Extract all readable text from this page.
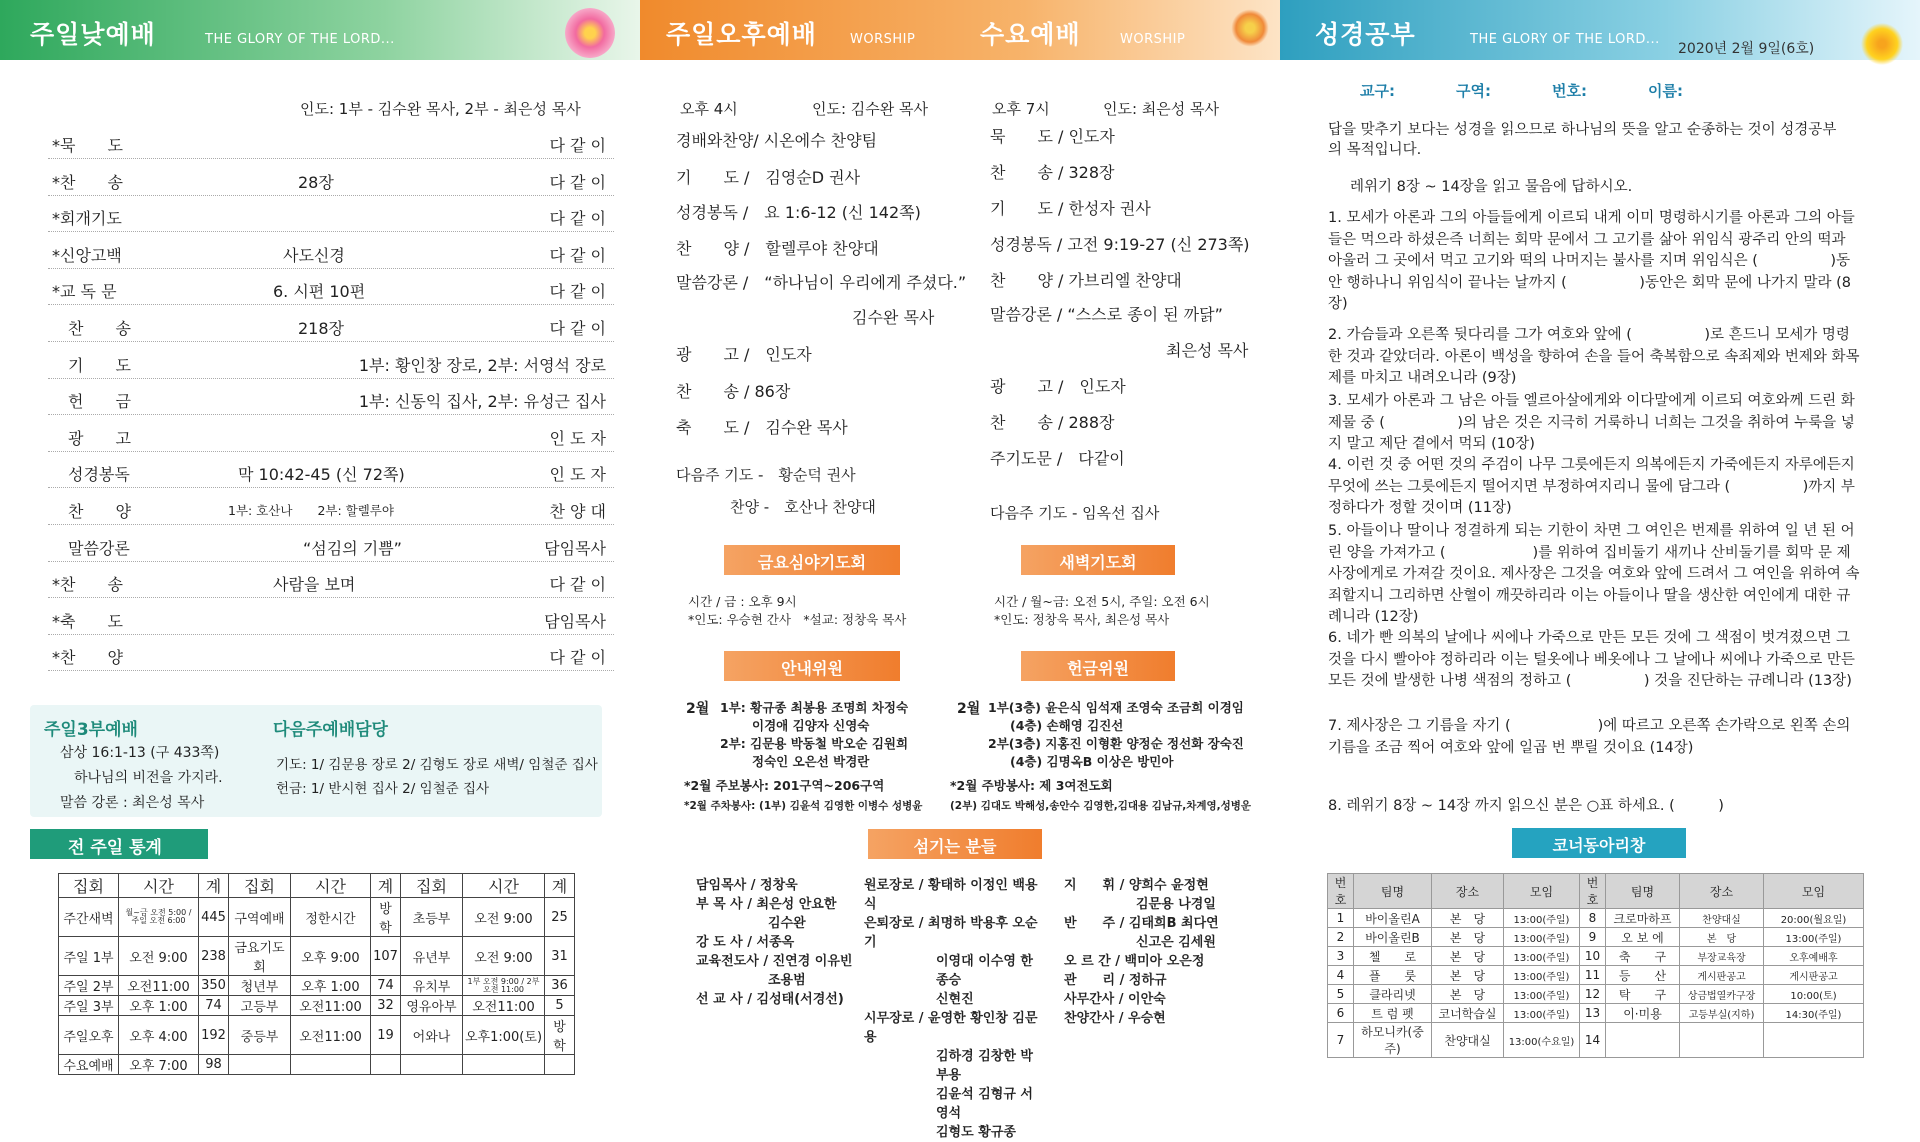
주일낮예배	THE GLORY OF THE LORD...	주일오후예배	WORSHIP	수요예배	WORSHIP	성경공부	THE GLORY OF THE LORD...
2020년 2월 9일(6호)
인도: 1부 - 김수완 목사, 2부 - 최은성 목사
*묵　　도	다 같 이
*찬　　송	28장	다 같 이
*회개기도	다 같 이
*신앙고백	사도신경	다 같 이
*교 독 문	6. 시편 10편	다 같 이
　찬　　송	218장	다 같 이
　기　　도	1부: 황인창 장로, 2부: 서영석 장로
　헌　　금	1부: 신동익 집사, 2부: 유성근 집사
　광　　고	인 도 자
　성경봉독	막 10:42-45 (신 72쪽)	인 도 자
　찬　　양	1부: 호산나　　2부: 할렐루야	찬 양 대
　말씀강론	“섬김의 기쁨”	담임목사
*찬　　송	사람을 보며	다 같 이
*축　　도	담임목사
*찬　　양	다 같 이
주일3부예배
삼상 16:1-13 (구 433쪽)
하나님의 비전을 가지라.
말씀 강론 : 최은성 목사
다음주예배담당
기도: 1/ 김문용 장로 2/ 김형도 장로 새벽/ 임철준 집사
헌금: 1/ 반시현 집사 2/ 임철준 집사
전 주일 통계
집회	시간	계	집회	시간	계	집회	시간	계
주간새벽	월~금 오전 5:00 / 주일 오전 6:00	445	구역예배	정한시간	방학	초등부	오전 9:00	25
주일 1부	오전 9:00	238	금요기도회	오후 9:00	107	유년부	오전 9:00	31
주일 2부	오전11:00	350	청년부	오후 1:00	74	유치부	1부 오전 9:00 / 2부 오전 11:00	36
주일 3부	오후 1:00	74	고등부	오전11:00	32	영유아부	오전11:00	5
주일오후	오후 4:00	192	중등부	오전11:00	19	어와나	오후1:00(토)	방학
수요예배	오후 7:00	98						
오후 4시	인도: 김수완 목사
경배와찬양/ 시온에수 찬양팀
기　　도 /　김영순D 권사
성경봉독 /　요 1:6-12 (신 142쪽)
찬　　양 /　할렐루야 찬양대
말씀강론 /　“하나님이 우리에게 주셨다.”
김수완 목사
광　　고 /　인도자
찬　　송 / 86장
축　　도 /　김수완 목사
다음주 기도 -　황순덕 권사
찬양 -　호산나 찬양대
오후 7시	인도: 최은성 목사
묵　　도 / 인도자
찬　　송 / 328장
기　　도 / 한성자 권사
성경봉독 / 고전 9:19-27 (신 273쪽)
찬　　양 / 가브리엘 찬양대
말씀강론 / “스스로 종이 된 까닭”
최은성 목사
광　　고 /　인도자
찬　　송 / 288장
주기도문 /　다같이
다음주 기도 - 임옥선 집사
금요심야기도회
시간 / 금 : 오후 9시
*인도: 우승현 간사　*설교: 정창욱 목사
새벽기도회
시간 / 월~금: 오전 5시, 주일: 오전 6시
*인도: 정창욱 목사, 최은성 목사
안내위원
2월 1부: 황규종 최봉용 조명희 차정숙
이경애 김양자 신영숙
2부: 김문용 박동철 박오순 김원희
정숙인 오은선 박경란
*2월 주보봉사: 201구역~206구역
*2월 주차봉사: (1부) 김윤석 김영한 이병수 성병윤
헌금위원
2월 1부(3층) 윤은식 임석재 조영숙 조금희 이경임
(4층) 손해영 김진선
2부(3층) 지홍진 이형환 양정순 정선화 장숙진
(4층) 김명옥B 이상은 방민아
*2월 주방봉사: 제 3여전도회
(2부) 김대도 박해성,송안수 김영한,김대용 김남규,차계영,성병운
섬기는 분들
담임목사 / 정창욱
부 목 사 / 최은성 안요한
김수완
강 도 사 / 서종옥
교육전도사 / 진연경 이유빈
조용범
선 교 사 / 김성태(서경선)
원로장로 / 황태하 이정인 백용식
은퇴장로 / 최명하 박용후 오순기
이영대 이수영 한종승
신현진
시무장로 / 윤영한 황인창 김문용
김하경 김창한 박부용
김윤석 김형규 서영석
김형도 황규종
지　　휘 / 양희수 윤정현
김문용 나경일
반　　주 / 김태희B 최다연
신고은 김세원
오 르 간 / 백미아 오은정
관　　리 / 정하규
사무간사 / 이안숙
찬양간사 / 우승현
교구:	구역:	번호:	이름:
답을 맞추기 보다는 성경을 읽으므로 하나님의 뜻을 알고 순종하는 것이 성경공부의 목적입니다.
레위기 8장 ~ 14장을 읽고 물음에 답하시오.
1. 모세가 아론과 그의 아들들에게 이르되 내게 이미 명령하시기를 아론과 그의 아들들은 먹으라 하셨은즉 너희는 회막 문에서 그 고기를 삶아 위임식 광주리 안의 떡과 아울러 그 곳에서 먹고 고기와 떡의 나머지는 불사를 지며 위임식은 (　　　　　)동안 행하나니 위임식이 끝나는 날까지 (　　　　　)동안은 회막 문에 나가지 말라 (8장)
2. 가슴들과 오른쪽 뒷다리를 그가 여호와 앞에 (　　　　　)로 흔드니 모세가 명령한 것과 같았더라. 아론이 백성을 향하여 손을 들어 축복함으로 속죄제와 번제와 화목제를 마치고 내려오니라 (9장)
3. 모세가 아론과 그 남은 아들 엘르아살에게와 이다말에게 이르되 여호와께 드린 화제물 중 (　　　　　)의 남은 것은 지극히 거룩하니 너희는 그것을 취하여 누룩을 넣지 말고 제단 곁에서 먹되 (10장)
4. 이런 것 중 어떤 것의 주검이 나무 그릇에든지 의복에든지 가죽에든지 자루에든지 무엇에 쓰는 그릇에든지 떨어지면 부정하여지리니 물에 담그라 (　　　　　)까지 부정하다가 정할 것이며 (11장)
5. 아들이나 딸이나 정결하게 되는 기한이 차면 그 여인은 번제를 위하여 일 년 된 어린 양을 가져가고 (　　　　　　)를 위하여 집비둘기 새끼나 산비둘기를 회막 문 제사장에게로 가져갈 것이요. 제사장은 그것을 여호와 앞에 드려서 그 여인을 위하여 속죄할지니 그리하면 산혈이 깨끗하리라 이는 아들이나 딸을 생산한 여인에게 대한 규례니라 (12장)
6. 네가 빤 의복의 날에나 씨에나 가죽으로 만든 모든 것에 그 색점이 벗겨졌으면 그것을 다시 빨아야 정하리라 이는 털옷에나 베옷에나 그 날에나 씨에나 가죽으로 만든 모든 것에 발생한 나병 색점의 정하고 (　　　　　) 것을 진단하는 규례니라 (13장)
7. 제사장은 그 기름을 자기 (　　　　　　)에 따르고 오른쪽 손가락으로 왼쪽 손의 기름을 조금 찍어 여호와 앞에 일곱 번 뿌릴 것이요 (14장)
8. 레위기 8장 ~ 14장 까지 읽으신 분은 ○표 하세요. (　　　)
코너동아리창
번호	팀명	장소	모임	번호	팀명	장소	모임
1	바이올린A	본　당	13:00(주일)	8	크로마하프	찬양대실	20:00(월요일)
2	바이올린B	본　당	13:00(주일)	9	오 보 에	본　당	13:00(주일)
3	첼　　로	본　당	13:00(주일)	10	축　　구	부장교육장	오후예배후
4	플　　룻	본　당	13:00(주일)	11	등　　산	게시판공고	게시판공고
5	클라리넷	본　당	13:00(주일)	12	탁　　구	상금법열카구장	10:00(토)
6	트 럼 펫	코너학습실	13:00(주일)	13	이·미용	고등부실(지하)	14:30(주일)
7	하모니카(중주)	찬양대실	13:00(수요일)	14			
